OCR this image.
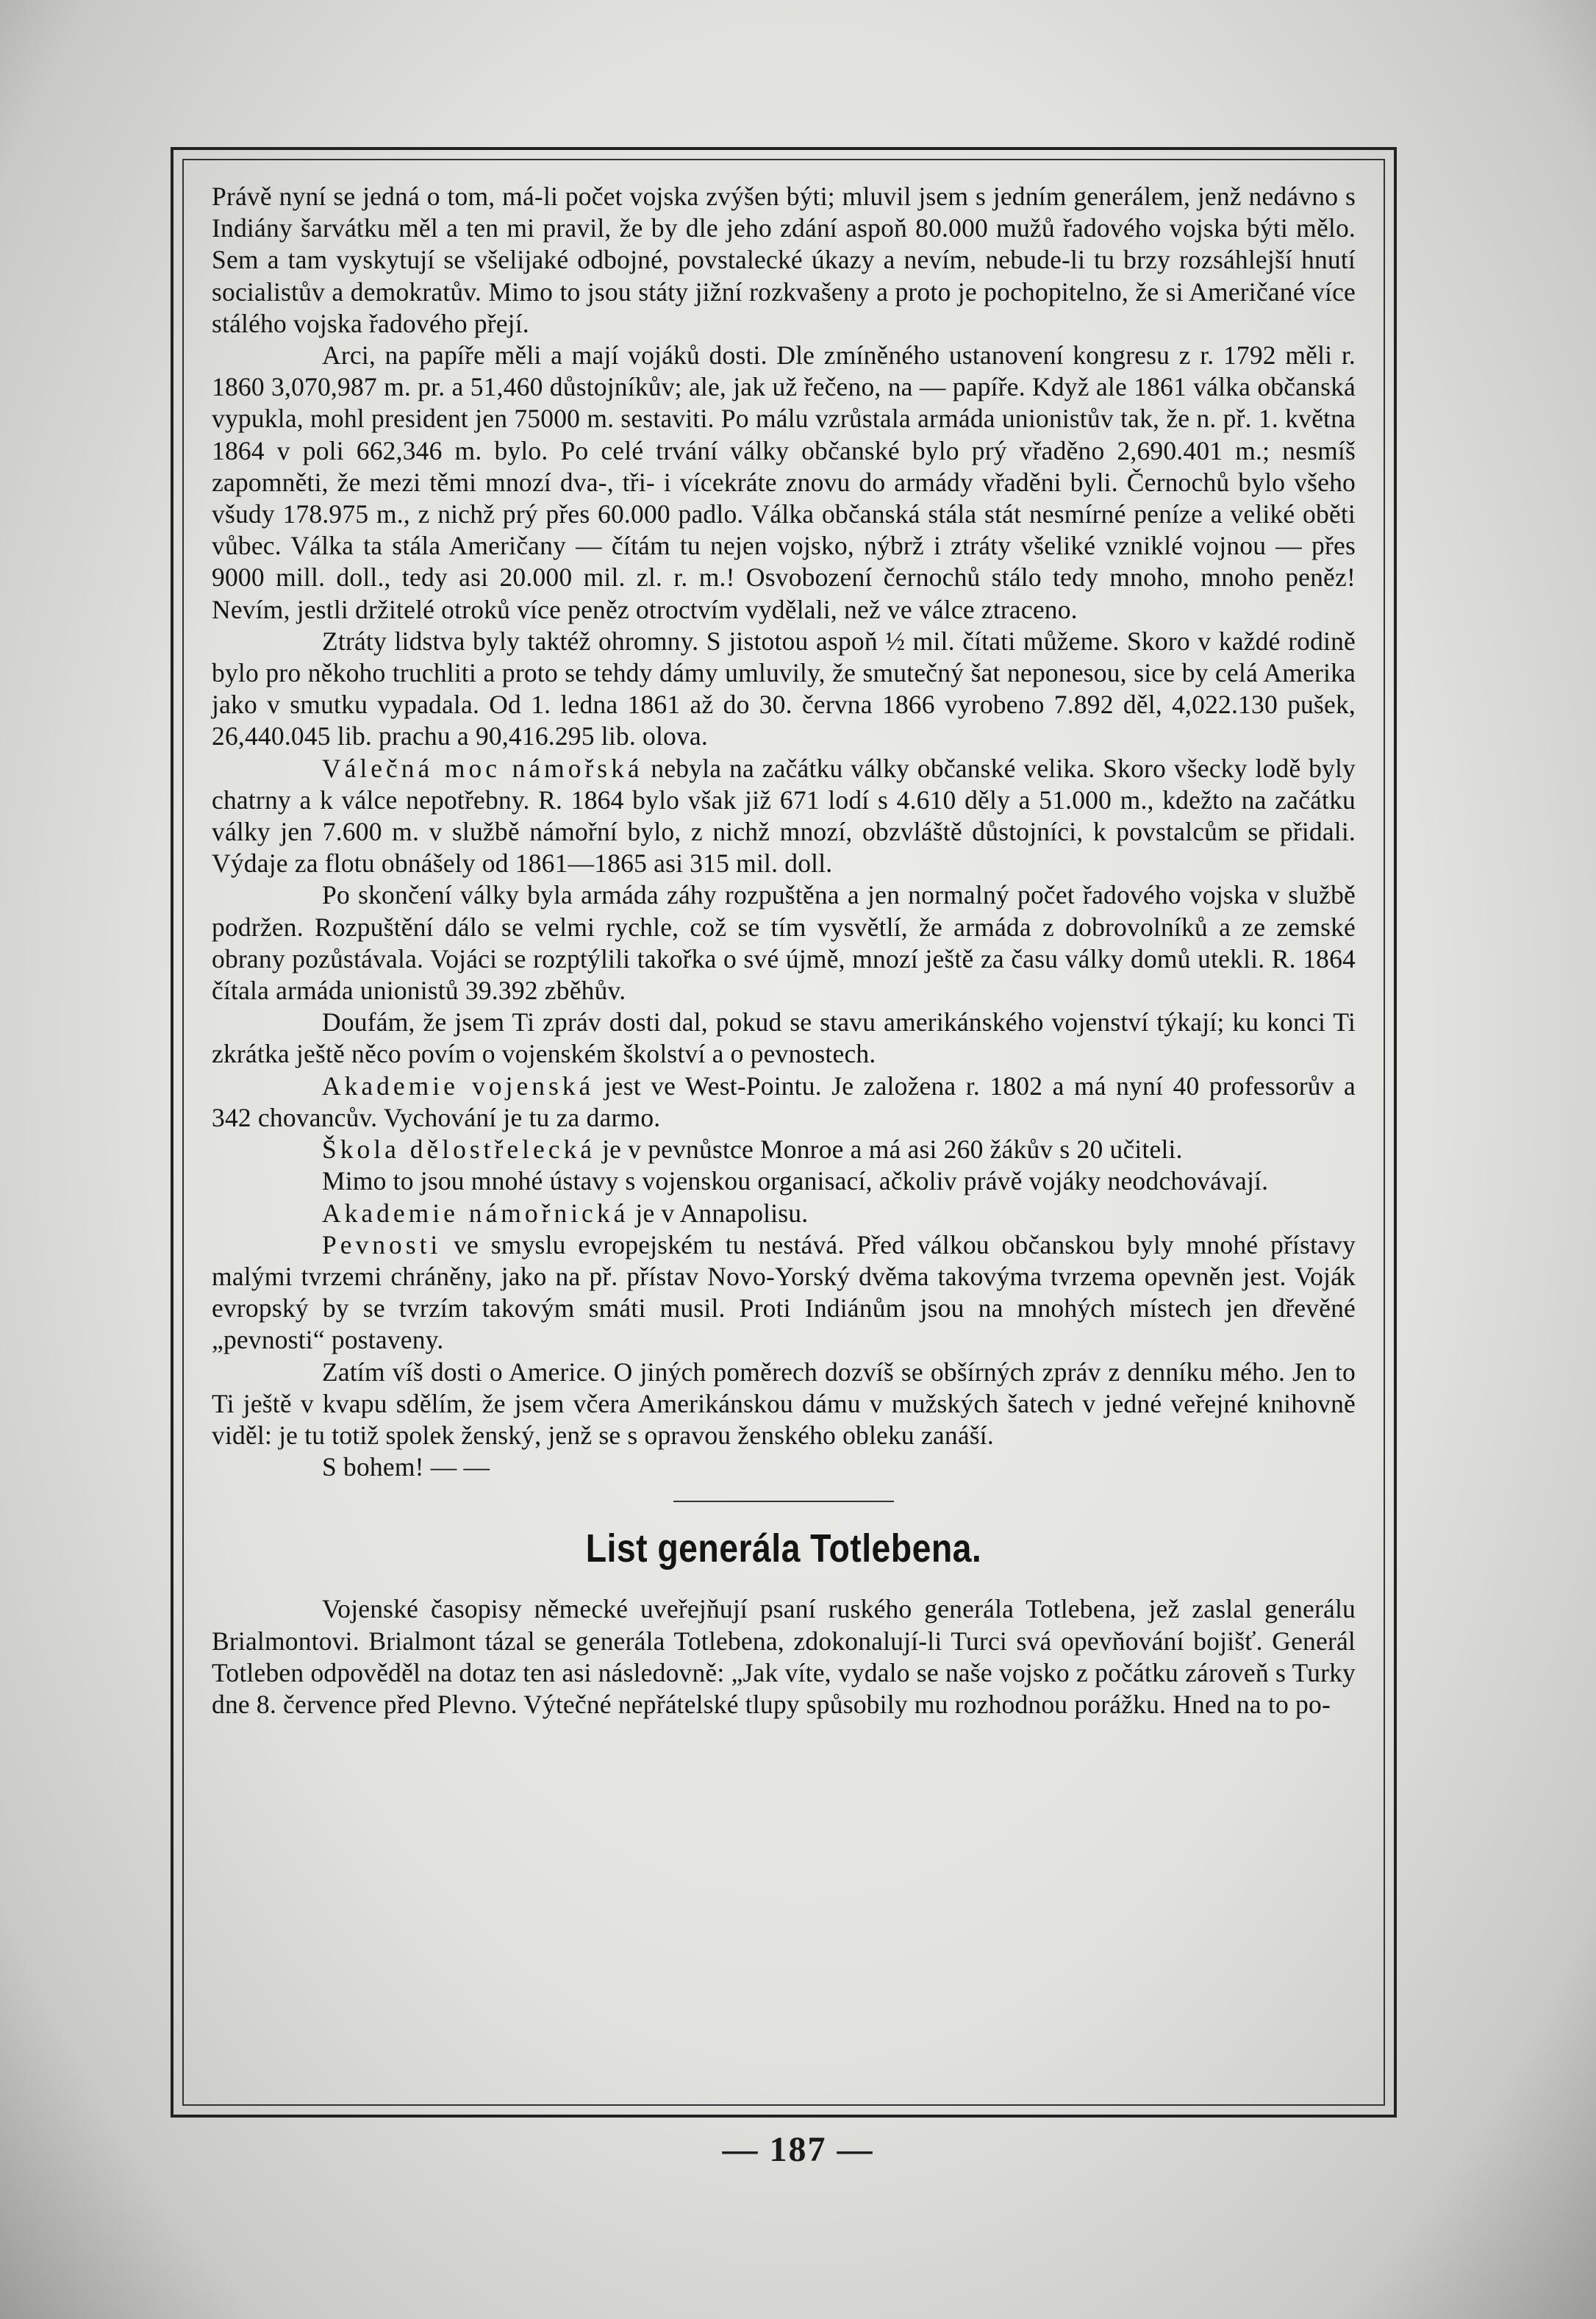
Právě nyní se jedná o tom, má-li počet vojska zvýšen býti; mluvil jsem s jedním generálem, jenž nedávno s Indiány šarvátku měl a ten mi pravil, že by dle jeho zdání aspoň 80.000 mužů řadového vojska býti mělo. Sem a tam vyskytují se všelijaké odbojné, povstalecké úkazy a nevím, nebude-li tu brzy rozsáhlejší hnutí socialistův a demokratův. Mimo to jsou státy jižní rozkvašeny a proto je pochopitelno, že si Američané více stálého vojska řadového přejí.

Arci, na papíře měli a mají vojáků dosti. Dle zmíněného ustanovení kongresu z r. 1792 měli r. 1860 3,070,987 m. pr. a 51,460 důstojníkův; ale, jak už řečeno, na — papíře. Když ale 1861 válka občanská vypukla, mohl president jen 75000 m. sestaviti. Po málu vzrůstala armáda unionistův tak, že n. př. 1. května 1864 v poli 662,346 m. bylo. Po celé trvání války občanské bylo prý vřaděno 2,690.401 m.; nesmíš zapomněti, že mezi těmi mnozí dva-, tři- i vícekráte znovu do armády vřaděni byli. Černochů bylo všeho všudy 178.975 m., z nichž prý přes 60.000 padlo. Válka občanská stála stát nesmírné peníze a veliké oběti vůbec. Válka ta stála Američany — čítám tu nejen vojsko, nýbrž i ztráty všeliké vzniklé vojnou — přes 9000 mill. doll., tedy asi 20.000 mil. zl. r. m.! Osvobození černochů stálo tedy mnoho, mnoho peněz! Nevím, jestli držitelé otroků více peněz otroctvím vydělali, než ve válce ztraceno.

Ztráty lidstva byly taktéž ohromny. S jistotou aspoň ½ mil. čítati můžeme. Skoro v každé rodině bylo pro někoho truchliti a proto se tehdy dámy umluvily, že smutečný šat neponesou, sice by celá Amerika jako v smutku vypadala. Od 1. ledna 1861 až do 30. června 1866 vyrobeno 7.892 děl, 4,022.130 pušek, 26,440.045 lib. prachu a 90,416.295 lib. olova.

Válečná moc námořská nebyla na začátku války občanské velika. Skoro všecky lodě byly chatrny a k válce nepotřebny. R. 1864 bylo však již 671 lodí s 4.610 děly a 51.000 m., kdežto na začátku války jen 7.600 m. v službě námořní bylo, z nichž mnozí, obzvláště důstojníci, k povstalcům se přidali. Výdaje za flotu obnášely od 1861—1865 asi 315 mil. doll.

Po skončení války byla armáda záhy rozpuštěna a jen normalný počet řadového vojska v službě podržen. Rozpuštění dálo se velmi rychle, což se tím vysvětlí, že armáda z dobrovolníků a ze zemské obrany pozůstávala. Vojáci se rozptýlili takořka o své újmě, mnozí ještě za času války domů utekli. R. 1864 čítala armáda unionistů 39.392 zběhův.

Doufám, že jsem Ti zpráv dosti dal, pokud se stavu amerikánského vojenství týkají; ku konci Ti zkrátka ještě něco povím o vojenském školství a o pevnostech.

Akademie vojenská jest ve West-Pointu. Je založena r. 1802 a má nyní 40 professorův a 342 chovancův. Vychování je tu za darmo.

Škola dělostřelecká je v pevnůstce Monroe a má asi 260 žákův s 20 učiteli.

Mimo to jsou mnohé ústavy s vojenskou organisací, ačkoliv právě vojáky neodchovávají.

Akademie námořnická je v Annapolisu.

Pevnosti ve smyslu evropejském tu nestává. Před válkou občanskou byly mnohé přístavy malými tvrzemi chráněny, jako na př. přístav Novo-Yorský dvěma takovýma tvrzema opevněn jest. Voják evropský by se tvrzím takovým smáti musil. Proti Indiánům jsou na mnohých místech jen dřevěné „pevnosti“ postaveny.

Zatím víš dosti o Americe. O jiných poměrech dozvíš se obšírných zpráv z denníku mého. Jen to Ti ještě v kvapu sdělím, že jsem včera Amerikánskou dámu v mužských šatech v jedné veřejné knihovně viděl: je tu totiž spolek ženský, jenž se s opravou ženského obleku zanáší.

S bohem! — —

List generála Totlebena.

Vojenské časopisy německé uveřejňují psaní ruského generála Totlebena, jež zaslal generálu Brialmontovi. Brialmont tázal se generála Totlebena, zdokonalují-li Turci svá opevňování bojišť. Generál Totleben odpověděl na dotaz ten asi následovně: „Jak víte, vydalo se naše vojsko z počátku zároveň s Turky dne 8. července před Plevno. Výtečné nepřátelské tlupy spůsobily mu rozhodnou porážku. Hned na to po-

— 187 —
